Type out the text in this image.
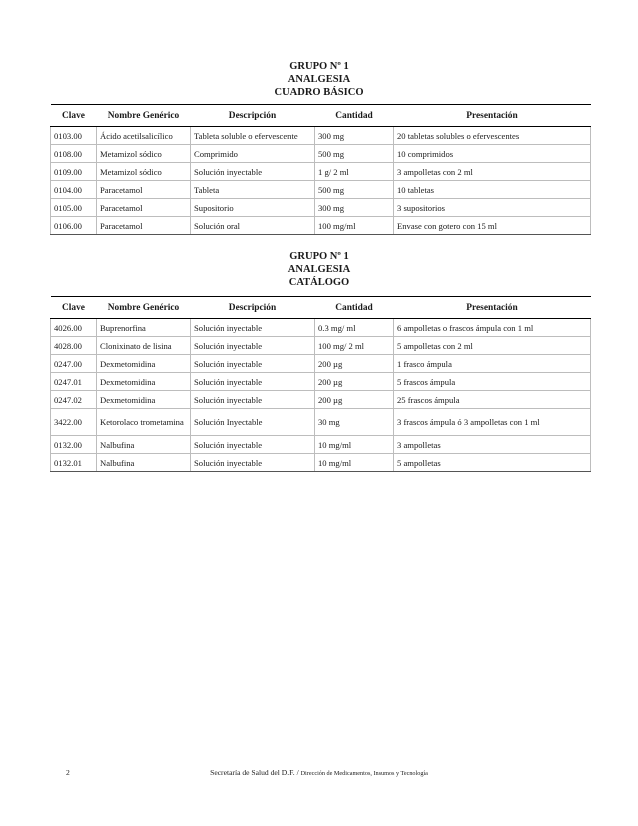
GRUPO Nº 1
ANALGESIA
CUADRO BÁSICO
Clave	Nombre Genérico	Descripción	Cantidad	Presentación
0103.00	Ácido acetilsalicílico	Tableta soluble o efervescente	300 mg	20 tabletas solubles o efervescentes
0108.00	Metamizol sódico	Comprimido	500 mg	10 comprimidos
0109.00	Metamizol sódico	Solución inyectable	1 g/ 2 ml	3 ampolletas con 2 ml
0104.00	Paracetamol	Tableta	500 mg	10 tabletas
0105.00	Paracetamol	Supositorio	300 mg	3 supositorios
0106.00	Paracetamol	Solución oral	100 mg/ml	Envase con gotero con 15 ml
GRUPO Nº 1
ANALGESIA
CATÁLOGO
Clave	Nombre Genérico	Descripción	Cantidad	Presentación
4026.00	Buprenorfina	Solución inyectable	0.3 mg/ ml	6 ampolletas o frascos ámpula con 1 ml
4028.00	Clonixinato de lisina	Solución inyectable	100 mg/ 2 ml	5 ampolletas con 2 ml
0247.00	Dexmetomidina	Solución inyectable	200 µg	1 frasco ámpula
0247.01	Dexmetomidina	Solución inyectable	200 µg	5 frascos ámpula
0247.02	Dexmetomidina	Solución inyectable	200 µg	25 frascos ámpula
3422.00	Ketorolaco trometamina	Solución Inyectable	30 mg	3 frascos ámpula ó 3 ampolletas con 1 ml
0132.00	Nalbufina	Solución inyectable	10 mg/ml	3 ampolletas
0132.01	Nalbufina	Solución inyectable	10 mg/ml	5 ampolletas
2	Secretaría de Salud del D.F. / Dirección de Medicamentos, Insumos y Tecnología
